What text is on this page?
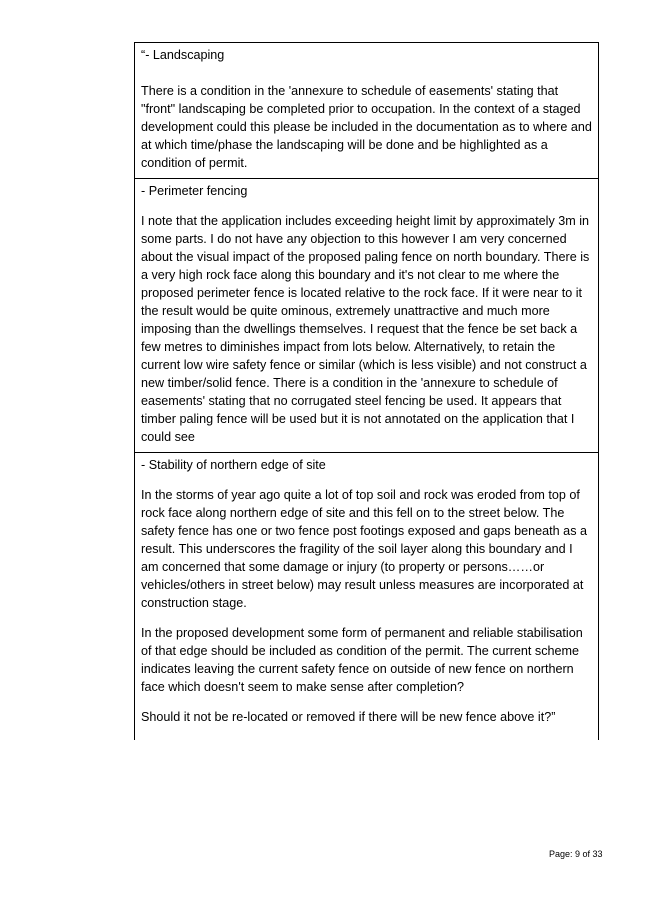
“- Landscaping

There is a condition in the 'annexure to schedule of easements' stating that "front" landscaping be completed prior to occupation. In the context of a staged development could this please be included in the documentation as to where and at which time/phase the landscaping will be done and be highlighted as a condition of permit.

- Perimeter fencing

I note that the application includes exceeding height limit by approximately 3m in some parts. I do not have any objection to this however I am very concerned about the visual impact of the proposed paling fence on north boundary. There is a very high rock face along this boundary and it's not clear to me where the proposed perimeter fence is located relative to the rock face. If it were near to it the result would be quite ominous, extremely unattractive and much more imposing than the dwellings themselves. I request that the fence be set back a few metres to diminishes impact from lots below. Alternatively, to retain the current low wire safety fence or similar (which is less visible) and not construct a new timber/solid fence. There is a condition in the 'annexure to schedule of easements' stating that no corrugated steel fencing be used. It appears that timber paling fence will be used but it is not annotated on the application that I could see

- Stability of northern edge of site

In the storms of year ago quite a lot of top soil and rock was eroded from top of rock face along northern edge of site and this fell on to the street below. The safety fence has one or two fence post footings exposed and gaps beneath as a result. This underscores the fragility of the soil layer along this boundary and I am concerned that some damage or injury (to property or persons……or vehicles/others in street below) may result unless measures are incorporated at construction stage.

In the proposed development some form of permanent and reliable stabilisation of that edge should be included as condition of the permit. The current scheme indicates leaving the current safety fence on outside of new fence on northern face which doesn't seem to make sense after completion?

Should it not be re-located or removed if there will be new fence above it?”

Page: 9 of 33
